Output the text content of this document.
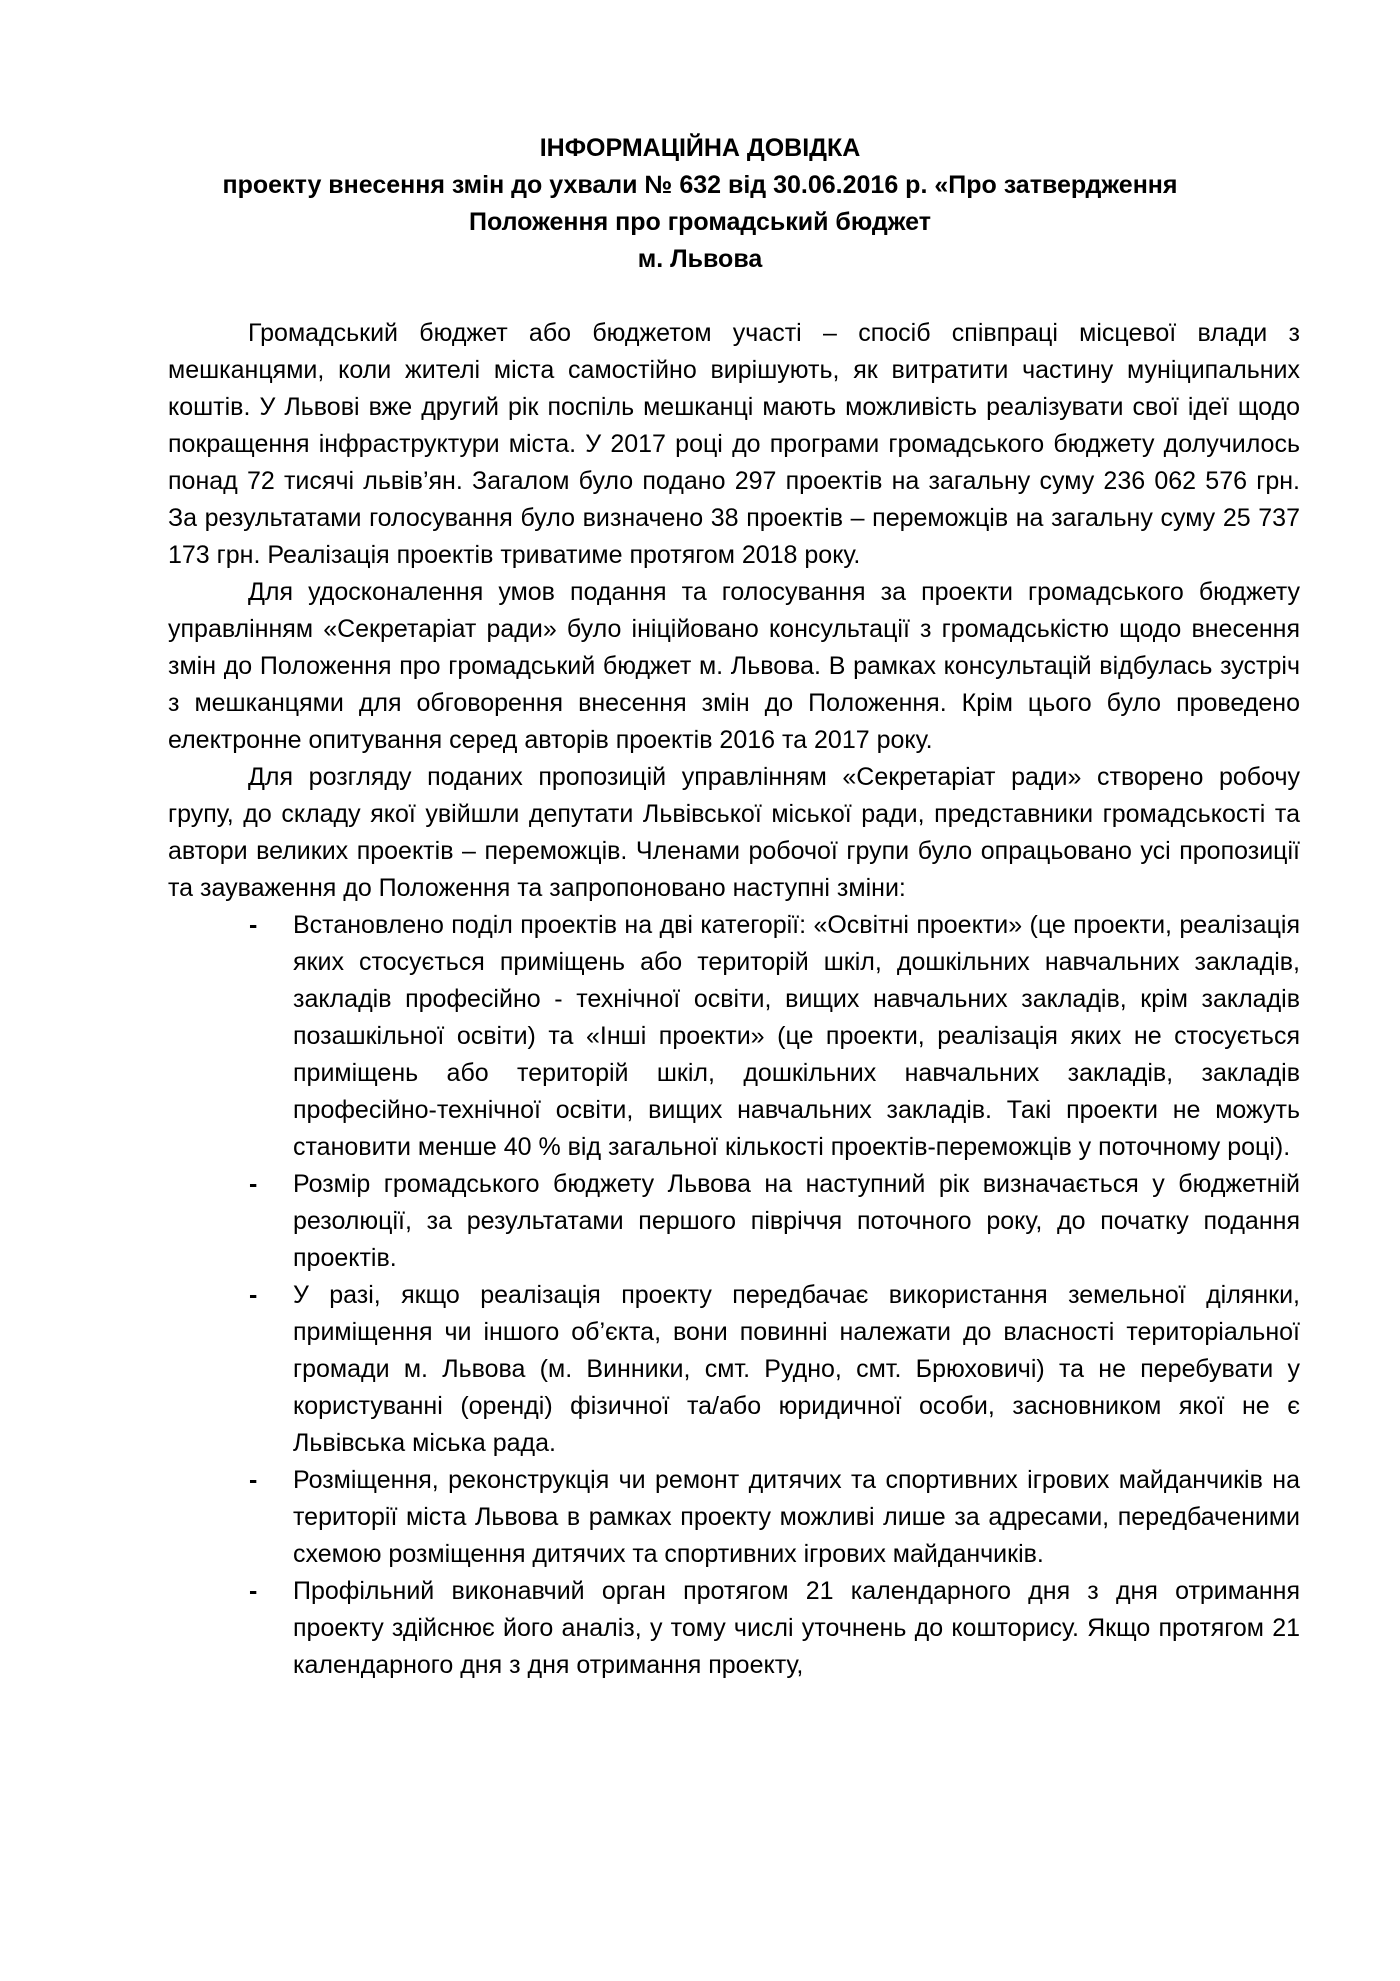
ІНФОРМАЦІЙНА ДОВІДКА
проекту внесення змін до ухвали № 632 від 30.06.2016 р. «Про затвердження
Положення про громадський бюджет
м. Львова

Громадський бюджет або бюджетом участі – спосіб співпраці місцевої влади з мешканцями, коли жителі міста самостійно вирішують, як витратити частину муніципальних коштів. У Львові вже другий рік поспіль мешканці мають можливість реалізувати свої ідеї щодо покращення інфраструктури міста. У 2017 році до програми громадського бюджету долучилось понад 72 тисячі львів’ян. Загалом було подано 297 проектів на загальну суму 236 062 576 грн. За результатами голосування було визначено 38 проектів – переможців на загальну суму 25 737 173 грн. Реалізація проектів триватиме протягом 2018 року.

Для удосконалення умов подання та голосування за проекти громадського бюджету управлінням «Секретаріат ради» було ініційовано консультації з громадськістю щодо внесення змін до Положення про громадський бюджет м. Львова. В рамках консультацій відбулась зустріч з мешканцями для обговорення внесення змін до Положення. Крім цього було проведено електронне опитування серед авторів проектів 2016 та 2017 року.

Для розгляду поданих пропозицій управлінням «Секретаріат ради» створено робочу групу, до складу якої увійшли депутати Львівської міської ради, представники громадськості та автори великих проектів – переможців. Членами робочої групи було опрацьовано усі пропозиції та зауваження до Положення та запропоновано наступні зміни:

- Встановлено поділ проектів на дві категорії: «Освітні проекти» (це проекти, реалізація яких стосується приміщень або територій шкіл, дошкільних навчальних закладів, закладів професійно - технічної освіти, вищих навчальних закладів, крім закладів позашкільної освіти) та «Інші проекти» (це проекти, реалізація яких не стосується приміщень або територій шкіл, дошкільних навчальних закладів, закладів професійно-технічної освіти, вищих навчальних закладів. Такі проекти не можуть становити менше 40 % від загальної кількості проектів-переможців у поточному році).
- Розмір громадського бюджету Львова на наступний рік визначається у бюджетній резолюції, за результатами першого півріччя поточного року, до початку подання проектів.
- У разі, якщо реалізація проекту передбачає використання земельної ділянки, приміщення чи іншого об’єкта, вони повинні належати до власності територіальної громади м. Львова (м. Винники, смт. Рудно, смт. Брюховичі) та не перебувати у користуванні (оренді) фізичної та/або юридичної особи, засновником якої не є Львівська міська рада.
- Розміщення, реконструкція чи ремонт дитячих та спортивних ігрових майданчиків на території міста Львова в рамках проекту можливі лише за адресами, передбаченими схемою розміщення дитячих та спортивних ігрових майданчиків.
- Профільний виконавчий орган протягом 21 календарного дня з дня отримання проекту здійснює його аналіз, у тому числі уточнень до кошторису. Якщо протягом 21 календарного дня з дня отримання проекту,
